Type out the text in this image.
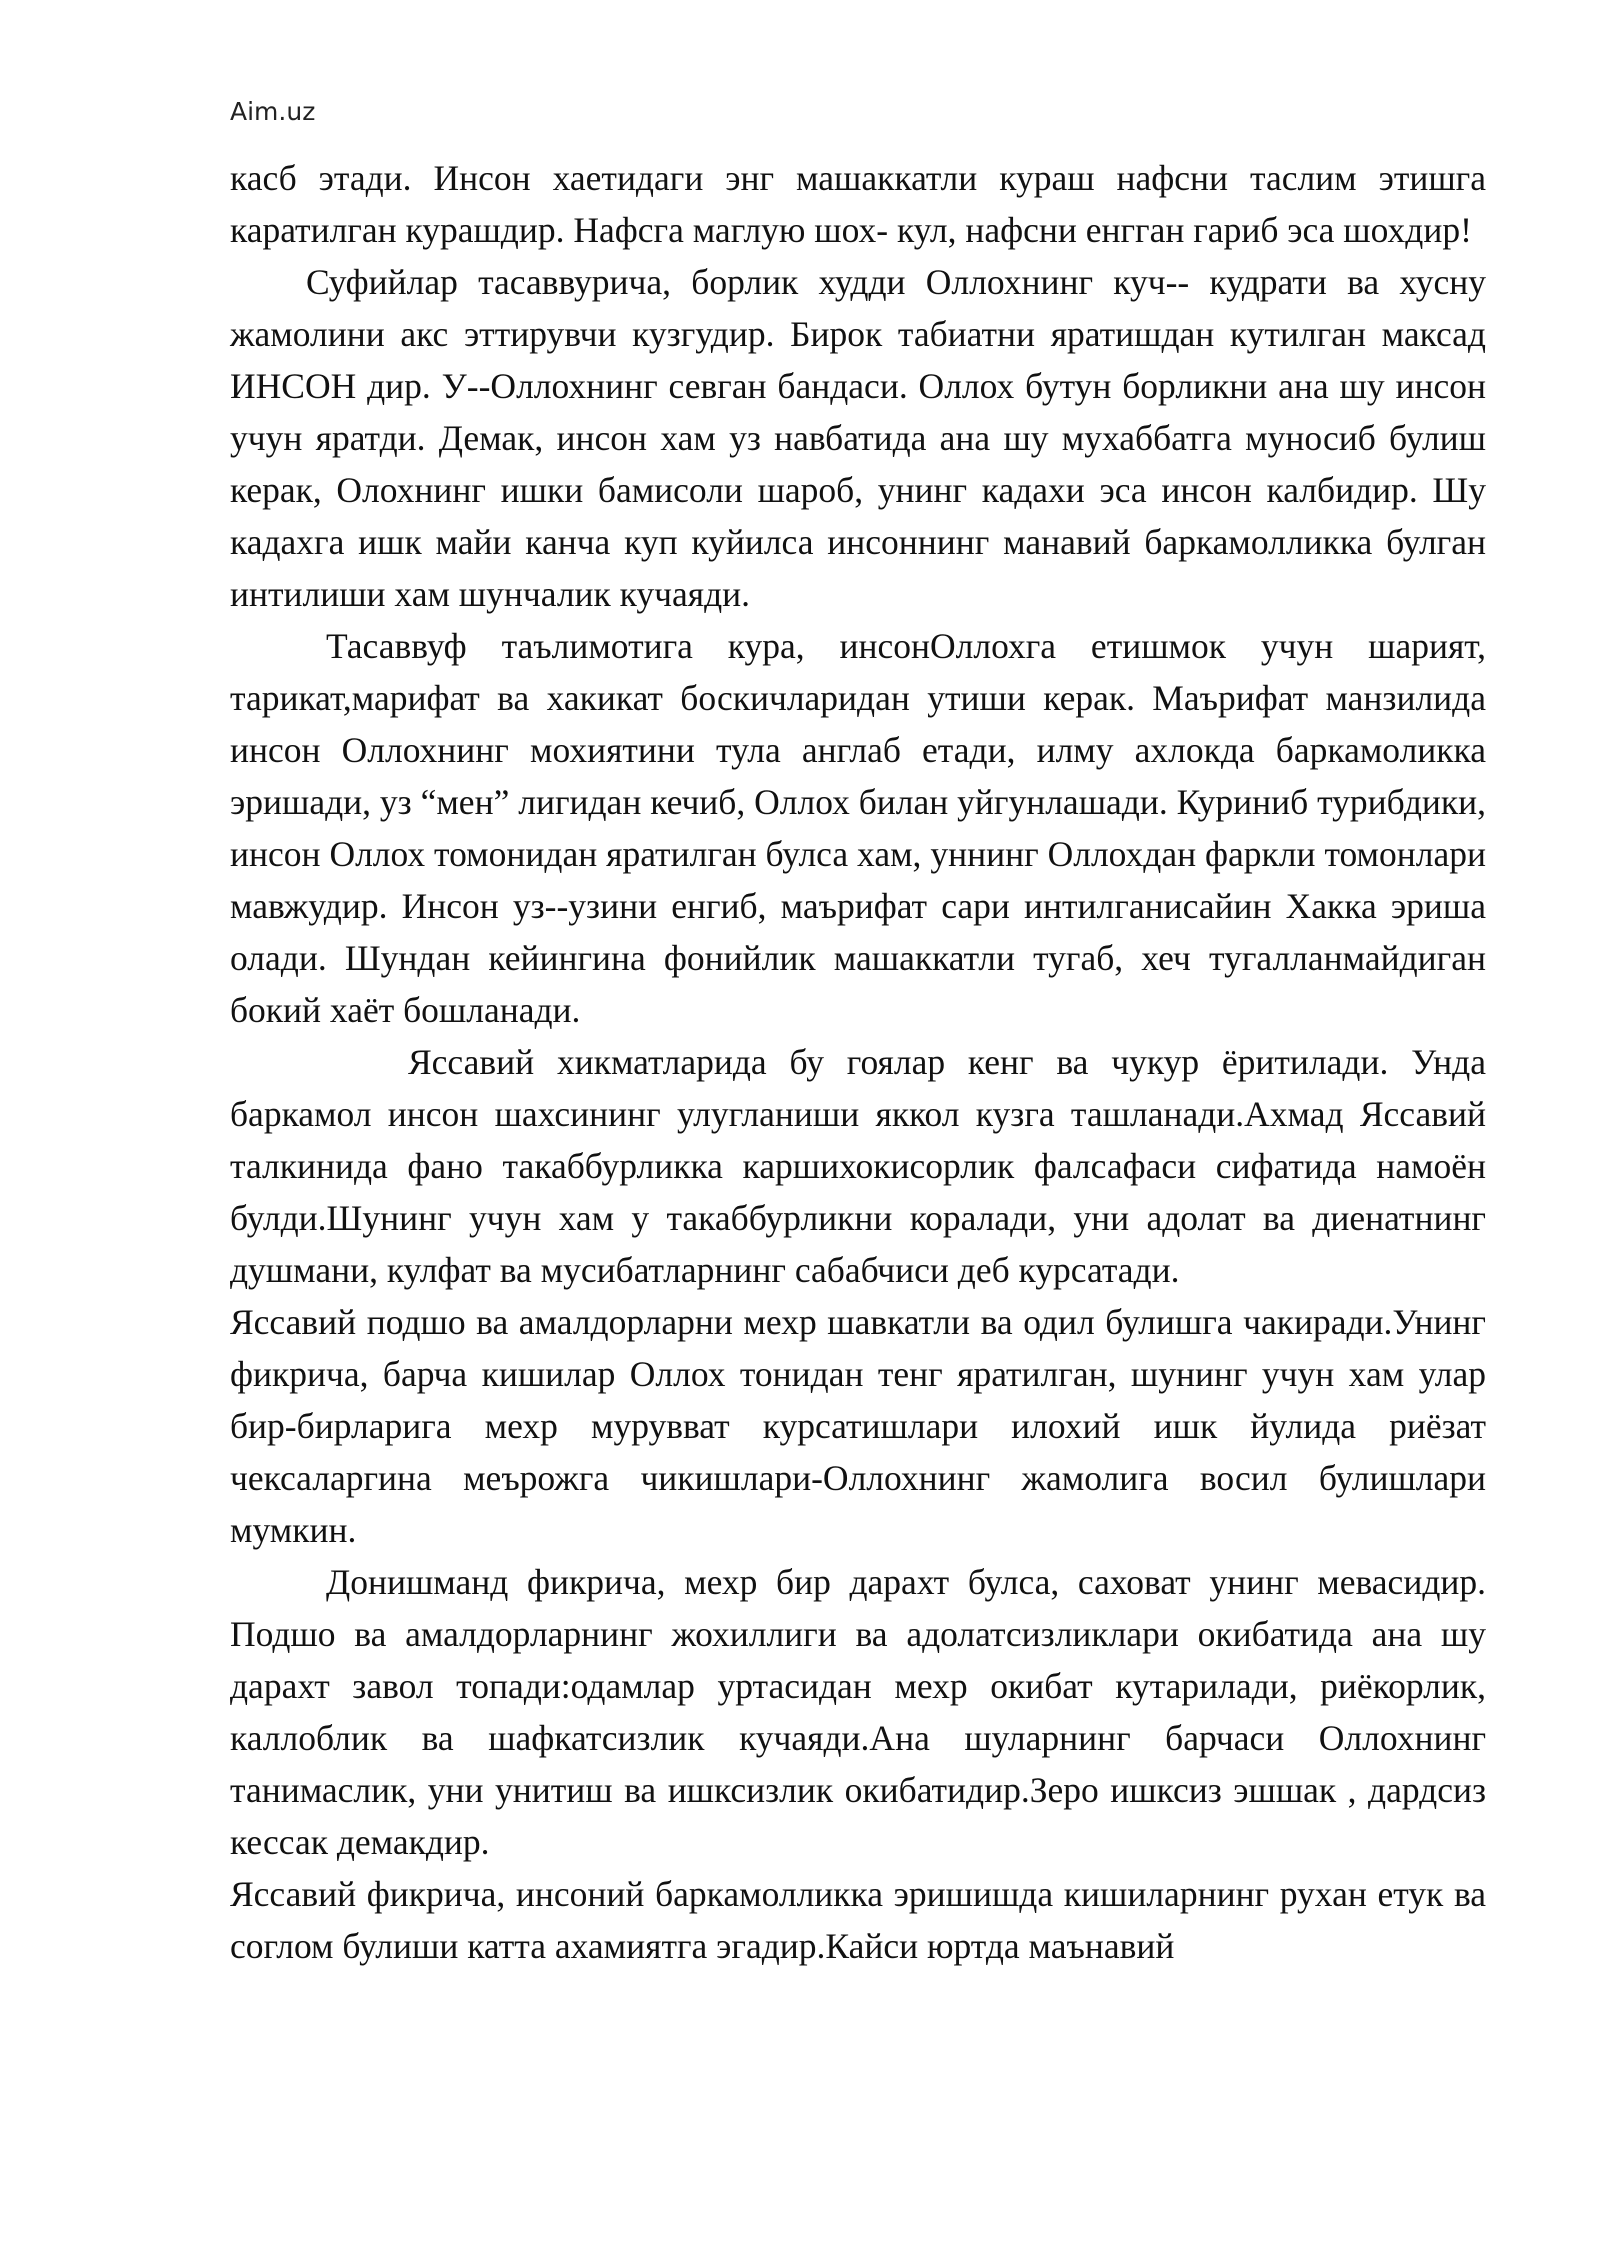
Aim.uz

касб этади. Инсон хаетидаги энг машаккатли кураш нафсни таслим этишга каратилган курашдир. Нафсга маглую шох- кул, нафсни енгган гариб эса шохдир!

Суфийлар тасаввурича, борлик худди Оллохнинг куч-- кудрати ва хусну жамолини акс эттирувчи кузгудир. Бирок табиатни яратишдан кутилган максад ИНСОН дир. У--Оллохнинг севган бандаси. Оллох бутун борликни ана шу инсон учун яратди. Демак, инсон хам уз навбатида ана шу мухаббатга муносиб булиш керак, Олохнинг ишки бамисоли шароб, унинг кадахи эса инсон калбидир. Шу кадахга ишк майи канча куп куйилса инсоннинг манавий баркамолликка булган интилиши хам шунчалик кучаяди.

Тасаввуф таълимотига кура, инсонОллохга етишмок учун шарият, тарикат,марифат ва хакикат боскичларидан утиши керак. Маърифат манзилида инсон Оллохнинг мохиятини тула англаб етади, илму ахлокда баркамоликка эришади, уз “мен” лигидан кечиб, Оллох билан уйгунлашади. Куриниб турибдики, инсон Оллох томонидан яратилган булса хам, уннинг Оллохдан фаркли томонлари мавжудир. Инсон уз--узини енгиб, маърифат сари интилганисайин Хакка эриша олади. Шундан кейингина фонийлик машаккатли тугаб, хеч тугалланмайдиган бокий хаёт бошланади.

Яссавий хикматларида бу гоялар кенг ва чукур ёритилади. Унда баркамол инсон шахсининг улугланиши яккол кузга ташланади.Ахмад Яссавий талкинида фано такаббурликка каршихокисорлик фалсафаси сифатида намоён булди.Шунинг учун хам у такаббурликни коралади, уни адолат ва диенатнинг душмани, кулфат ва мусибатларнинг сабабчиси деб курсатади.

Яссавий подшо ва амалдорларни мехр шавкатли ва одил булишга чакиради.Унинг фикрича, барча кишилар Оллох тонидан тенг яратилган, шунинг учун хам улар бир-бирларига мехр мурувват курсатишлари илохий ишк йулида риёзат чексаларгина меърожга чикишлари-Оллохнинг жамолига восил булишлари мумкин.

Донишманд фикрича, мехр бир дарахт булса, саховат унинг мевасидир. Подшо ва амалдорларнинг жохиллиги ва адолатсизликлари окибатида ана шу дарахт завол топади:одамлар уртасидан мехр окибат кутарилади, риёкорлик, каллоблик ва шафкатсизлик кучаяди.Ана шуларнинг барчаси Оллохнинг танимаслик, уни унитиш ва ишксизлик окибатидир.Зеро ишксиз эшшак , дардсиз кессак демакдир.

Яссавий фикрича, инсоний баркамолликка эришишда кишиларнинг рухан етук ва соглом булиши катта ахамиятга эгадир.Кайси юртда маънавий
